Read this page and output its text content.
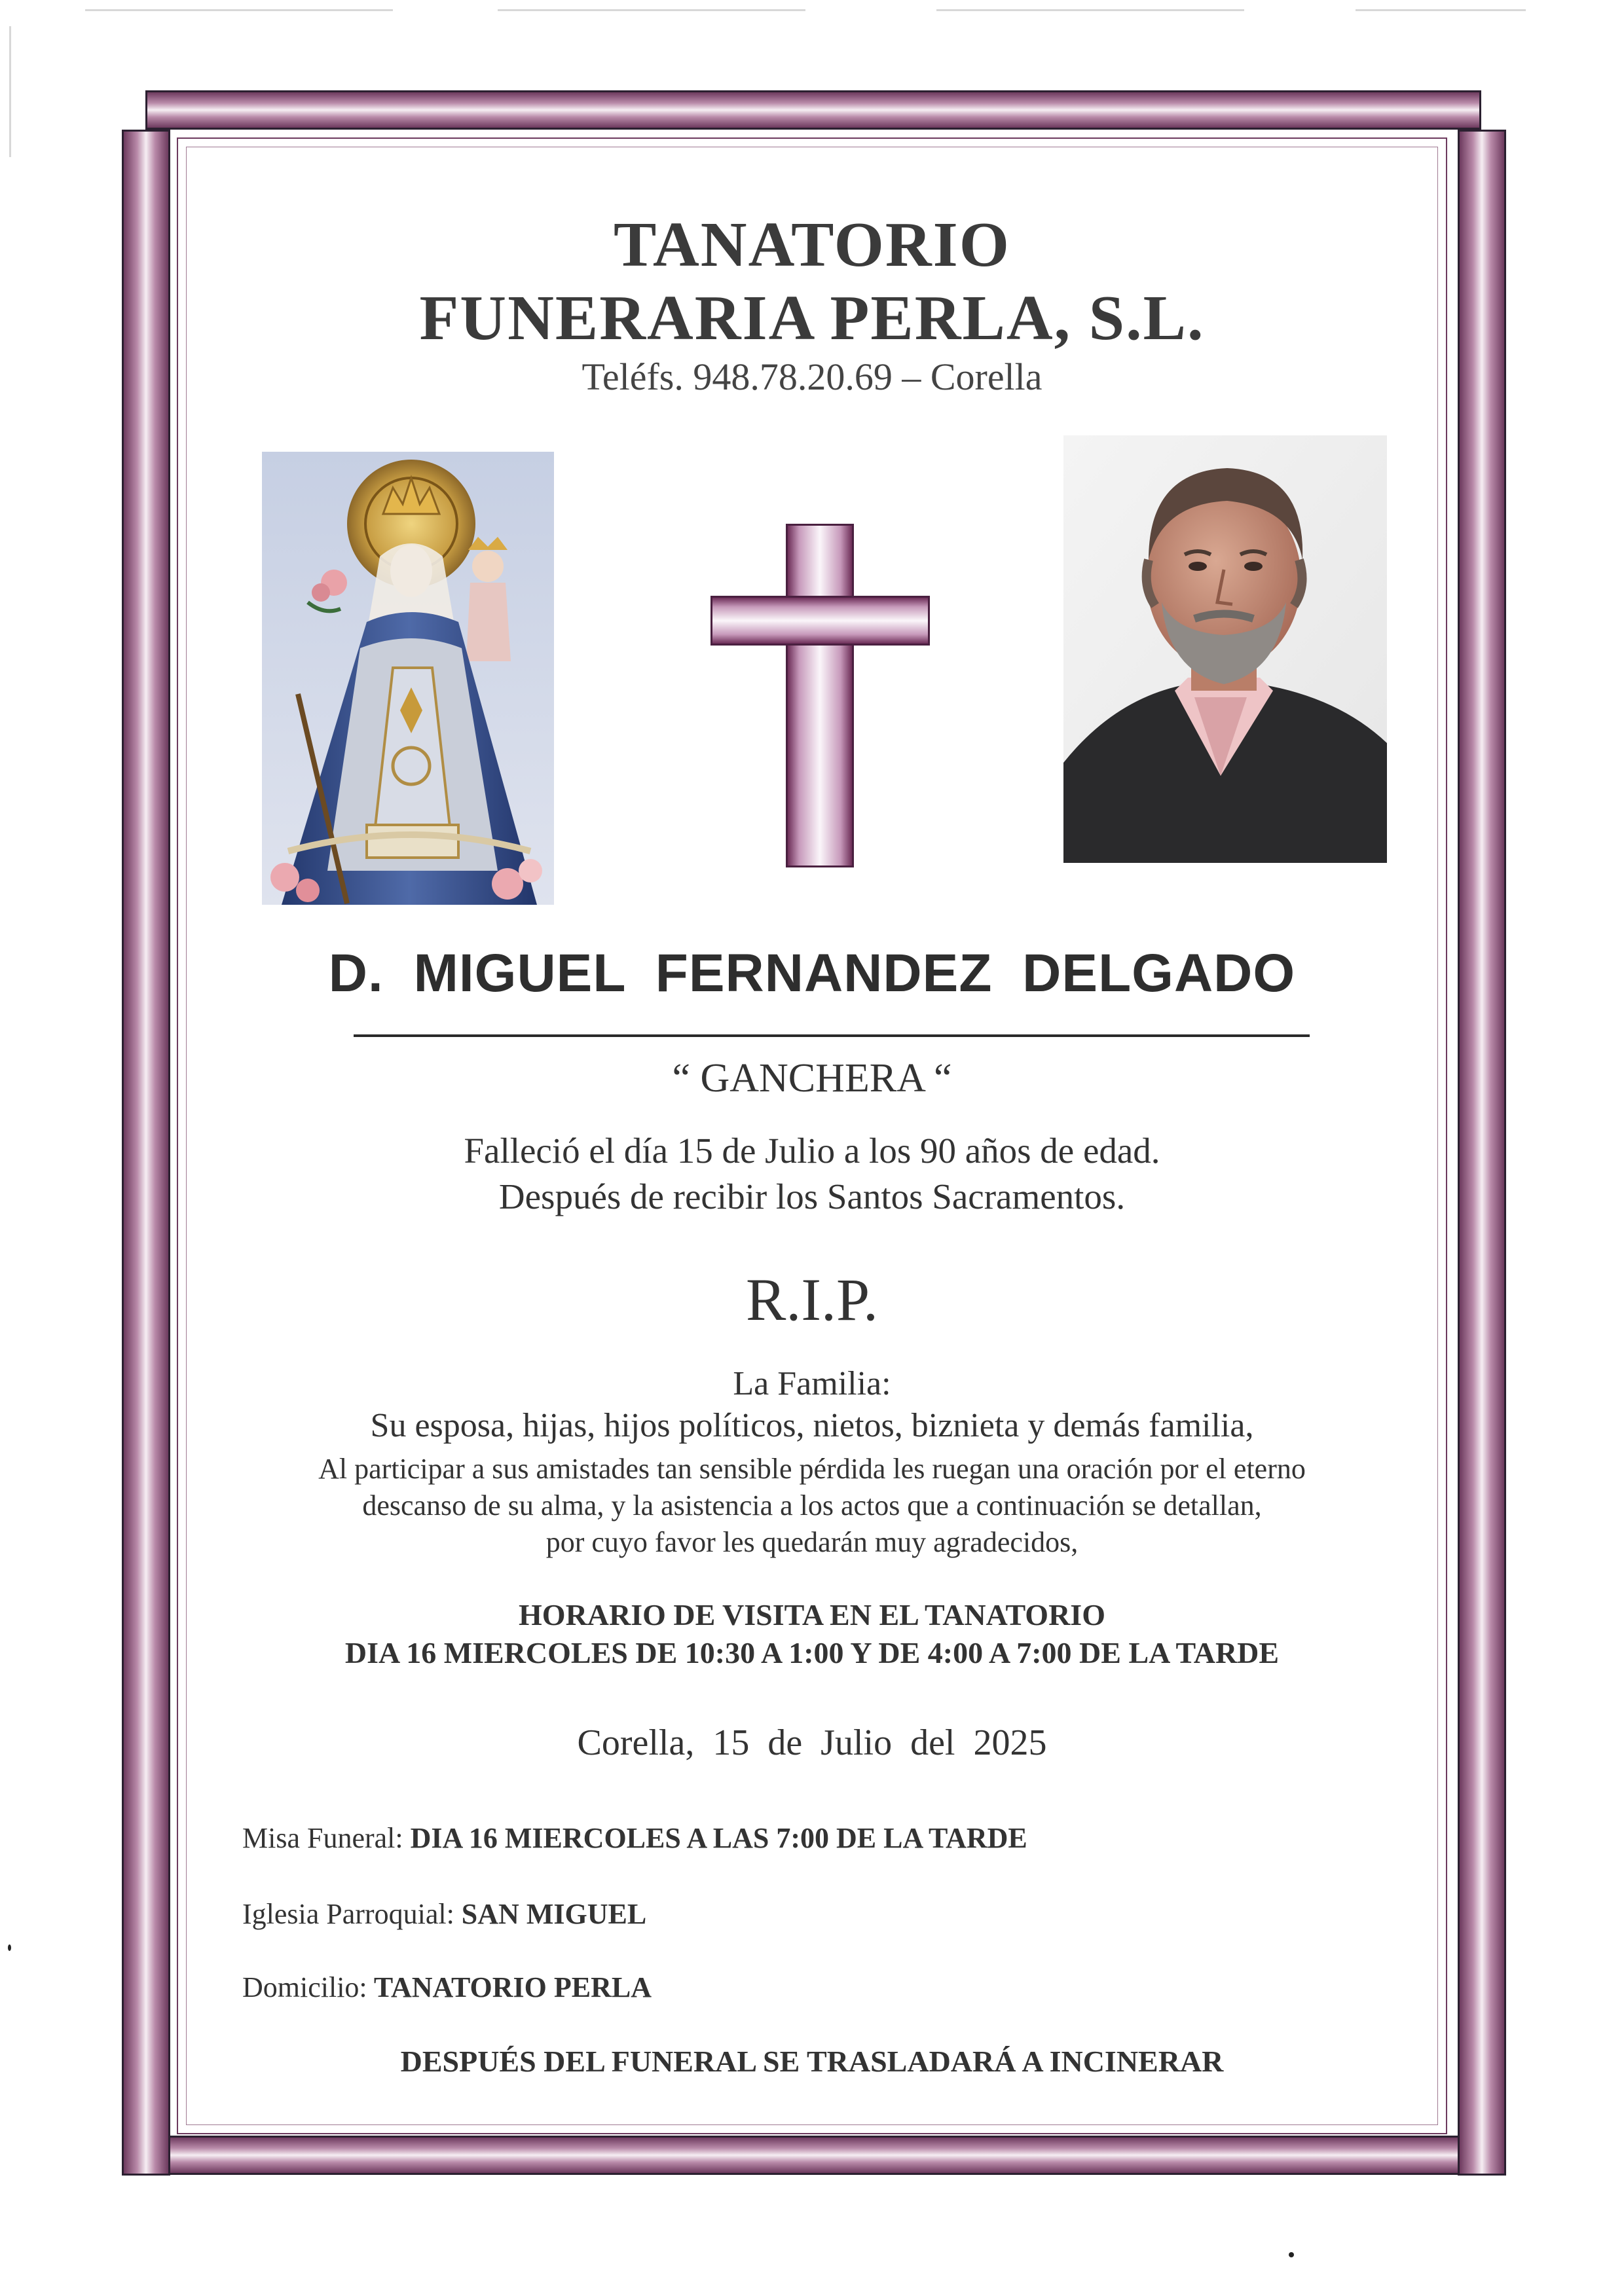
TANATORIO
FUNERARIA PERLA, S.L.
Teléfs. 948.78.20.69 – Corella
D. MIGUEL FERNANDEZ DELGADO
“ GANCHERA “
Falleció el día 15 de Julio a los 90 años de edad.
Después de recibir los Santos Sacramentos.
R.I.P.
La Familia:
Su esposa, hijas, hijos políticos, nietos, biznieta y demás familia,
Al participar a sus amistades tan sensible pérdida les ruegan una oración por el eterno
descanso de su alma, y la asistencia a los actos que a continuación se detallan,
por cuyo favor les quedarán muy agradecidos,
HORARIO DE VISITA EN EL TANATORIO
DIA 16 MIERCOLES DE 10:30 A 1:00 Y DE 4:00 A 7:00 DE LA TARDE
Corella, 15 de Julio del 2025
Misa Funeral: DIA 16 MIERCOLES A LAS 7:00 DE LA TARDE
Iglesia Parroquial: SAN MIGUEL
Domicilio: TANATORIO PERLA
DESPUÉS DEL FUNERAL SE TRASLADARÁ A INCINERAR
